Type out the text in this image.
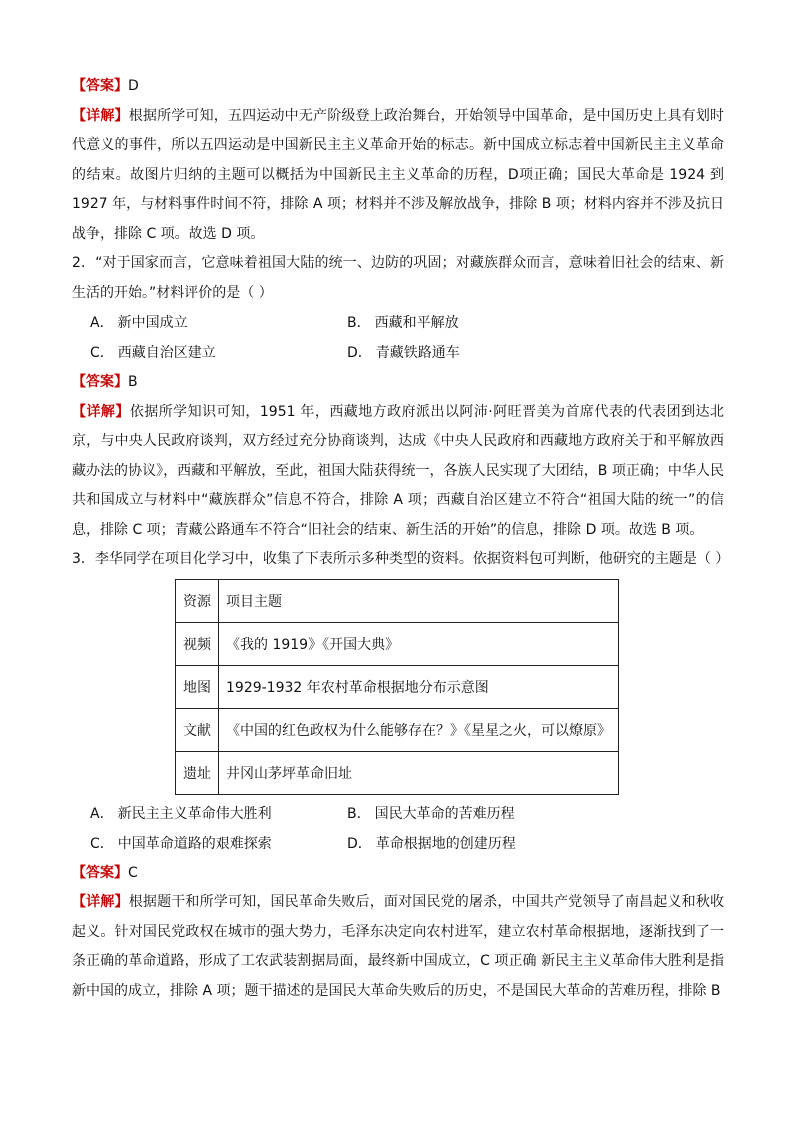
【答案】D

【详解】根据所学可知，五四运动中无产阶级登上政治舞台，开始领导中国革命，是中国历史上具有划时代意义的事件，所以五四运动是中国新民主主义革命开始的标志。新中国成立标志着中国新民主主义革命的结束。故图片归纳的主题可以概括为中国新民主主义革命的历程，D项正确；国民大革命是 1924 到 1927 年，与材料事件时间不符，排除 A 项；材料并不涉及解放战争，排除 B 项；材料内容并不涉及抗日战争，排除 C 项。故选 D 项。

2．“对于国家而言，它意味着祖国大陆的统一、边防的巩固；对藏族群众而言，意味着旧社会的结束、新生活的开始。”材料评价的是（ ）

A． 新中国成立	B． 西藏和平解放
C． 西藏自治区建立	D． 青藏铁路通车

【答案】B

【详解】依据所学知识可知，1951 年，西藏地方政府派出以阿沛·阿旺晋美为首席代表的代表团到达北京，与中央人民政府谈判，双方经过充分协商谈判，达成《中央人民政府和西藏地方政府关于和平解放西藏办法的协议》，西藏和平解放，至此，祖国大陆获得统一，各族人民实现了大团结，B 项正确；中华人民共和国成立与材料中“藏族群众”信息不符合，排除 A 项；西藏自治区建立不符合“祖国大陆的统一”的信息，排除 C 项；青藏公路通车不符合“旧社会的结束、新生活的开始”的信息，排除 D 项。故选 B 项。

3．李华同学在项目化学习中，收集了下表所示多种类型的资料。依据资料包可判断，他研究的主题是（ ）

资源	项目主题
视频	《我的 1919》《开国大典》
地图	1929-1932 年农村革命根据地分布示意图
文献	《中国的红色政权为什么能够存在？》《星星之火，可以燎原》
遗址	井冈山茅坪革命旧址
A． 新民主主义革命伟大胜利	B． 国民大革命的苦难历程
C． 中国革命道路的艰难探索	D． 革命根据地的创建历程

【答案】C

【详解】根据题干和所学可知，国民革命失败后，面对国民党的屠杀，中国共产党领导了南昌起义和秋收起义。针对国民党政权在城市的强大势力，毛泽东决定向农村进军，建立农村革命根据地，逐渐找到了一条正确的革命道路，形成了工农武装割据局面，最终新中国成立，C 项正确 新民主主义革命伟大胜利是指新中国的成立，排除 A 项；题干描述的是国民大革命失败后的历史，不是国民大革命的苦难历程，排除 B
